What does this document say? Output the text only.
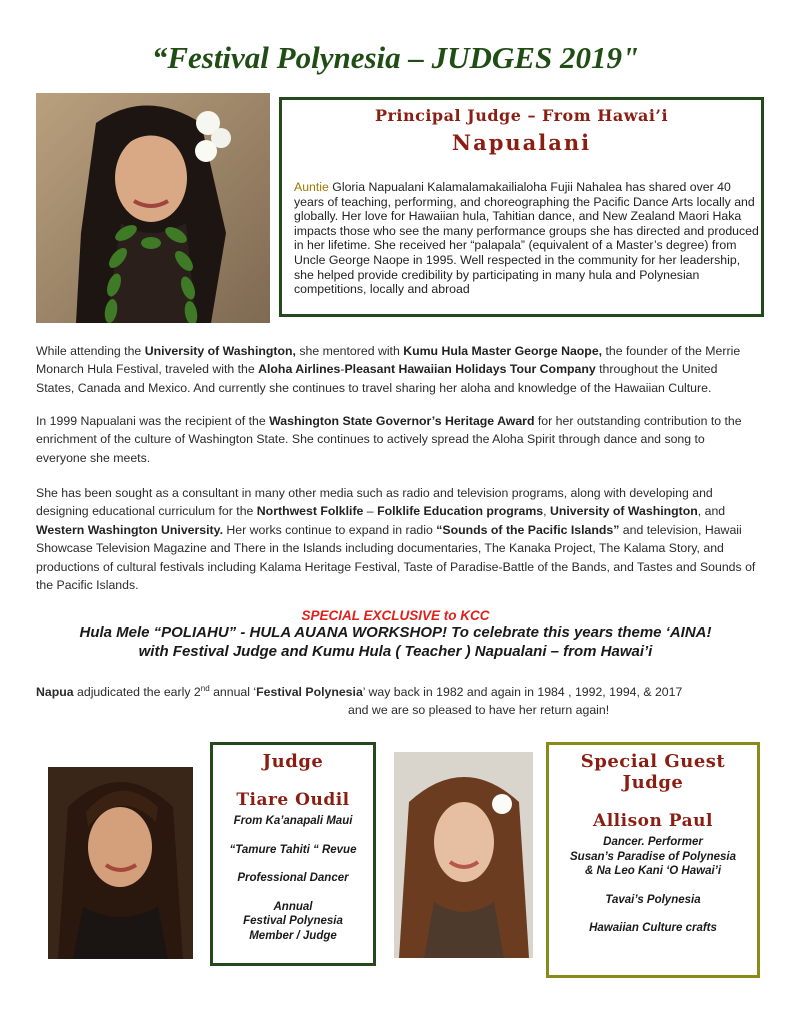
“Festival Polynesia – JUDGES 2019"
Principal Judge – From Hawai’i
Napualani
Auntie Gloria Napualani Kalamalamakailialoha Fujii Nahalea has shared over 40 years of teaching, performing, and choreographing the Pacific Dance Arts locally and globally. Her love for Hawaiian hula, Tahitian dance, and New Zealand Maori Haka impacts those who see the many performance groups she has directed and produced in her lifetime. She received her “palapala” (equivalent of a Master’s degree) from Uncle George Naope in 1995. Well respected in the community for her leadership, she helped provide credibility by participating in many hula and Polynesian competitions, locally and abroad
While attending the University of Washington, she mentored with Kumu Hula Master George Naope, the founder of the Merrie Monarch Hula Festival, traveled with the Aloha Airlines-Pleasant Hawaiian Holidays Tour Company throughout the United States, Canada and Mexico. And currently she continues to travel sharing her aloha and knowledge of the Hawaiian Culture.
In 1999 Napualani was the recipient of the Washington State Governor’s Heritage Award for her outstanding contribution to the enrichment of the culture of Washington State. She continues to actively spread the Aloha Spirit through dance and song to everyone she meets.
She has been sought as a consultant in many other media such as radio and television programs, along with developing and designing educational curriculum for the Northwest Folklife – Folklife Education programs, University of Washington, and Western Washington University. Her works continue to expand in radio “Sounds of the Pacific Islands” and television, Hawaii Showcase Television Magazine and There in the Islands including documentaries, The Kanaka Project, The Kalama Story, and productions of cultural festivals including Kalama Heritage Festival, Taste of Paradise-Battle of the Bands, and Tastes and Sounds of the Pacific Islands.
SPECIAL EXCLUSIVE to KCC
Hula Mele “POLIAHU” - HULA AUANA WORKSHOP! To celebrate this years theme ‘AINA!
with Festival Judge and Kumu Hula ( Teacher ) Napualani – from Hawai’i
Napua adjudicated the early 2nd annual ‘Festival Polynesia’ way back in 1982 and again in 1984 , 1992, 1994, & 2017
and we are so pleased to have her return again!
Judge
Tiare Oudil
From Ka’anapali Maui
“Tamure Tahiti “ Revue
Professional Dancer
Annual
Festival Polynesia
Member / Judge
Special Guest Judge
Allison Paul
Dancer. Performer
Susan’s Paradise of Polynesia
& Na Leo Kani ‘O Hawai’i
Tavai’s Polynesia
Hawaiian Culture crafts
